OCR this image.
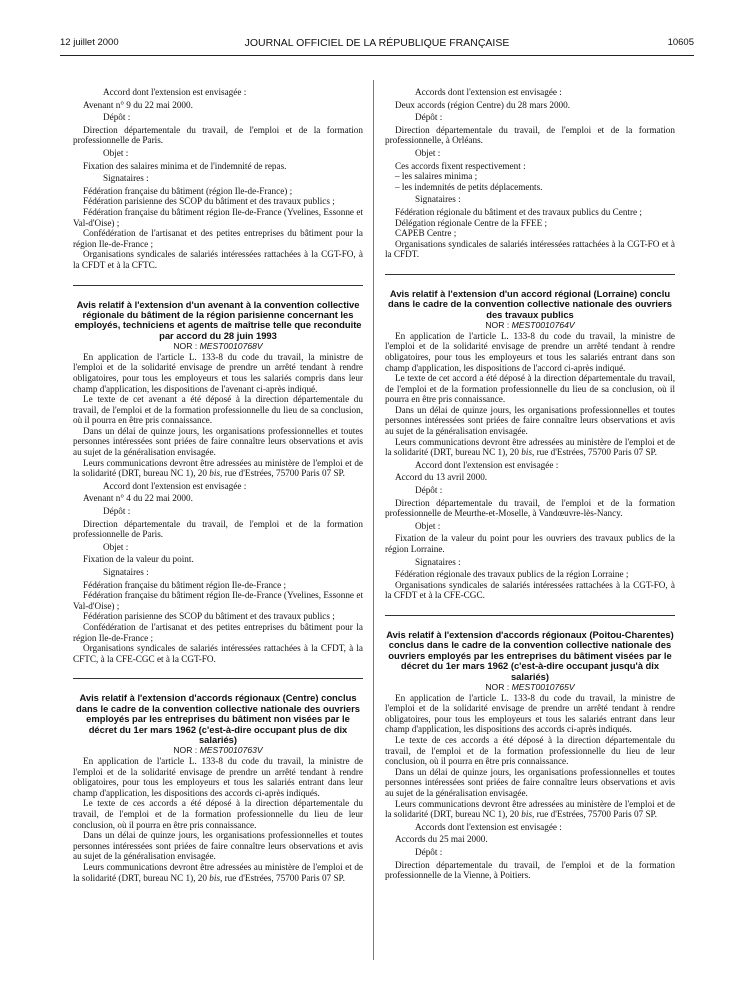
12 juillet 2000	JOURNAL OFFICIEL DE LA RÉPUBLIQUE FRANÇAISE	10605

Accord dont l'extension est envisagée :

Avenant n° 9 du 22 mai 2000.

Dépôt :

Direction départementale du travail, de l'emploi et de la formation professionnelle de Paris.

Objet :

Fixation des salaires minima et de l'indemnité de repas.

Signataires :

Fédération française du bâtiment (région Ile-de-France) ;

Fédération parisienne des SCOP du bâtiment et des travaux publics ;

Fédération française du bâtiment région Ile-de-France (Yvelines, Essonne et Val-d'Oise) ;

Confédération de l'artisanat et des petites entreprises du bâtiment pour la région Ile-de-France ;

Organisations syndicales de salariés intéressées rattachées à la CGT-FO, à la CFDT et à la CFTC.

Avis relatif à l'extension d'un avenant à la convention collective régionale du bâtiment de la région parisienne concernant les employés, techniciens et agents de maîtrise telle que reconduite par accord du 28 juin 1993

NOR : MEST0010768V

En application de l'article L. 133-8 du code du travail, la ministre de l'emploi et de la solidarité envisage de prendre un arrêté tendant à rendre obligatoires, pour tous les employeurs et tous les salariés compris dans leur champ d'application, les dispositions de l'avenant ci-après indiqué.

Le texte de cet avenant a été déposé à la direction départementale du travail, de l'emploi et de la formation professionnelle du lieu de sa conclusion, où il pourra en être pris connaissance.

Dans un délai de quinze jours, les organisations professionnelles et toutes personnes intéressées sont priées de faire connaître leurs observations et avis au sujet de la généralisation envisagée.

Leurs communications devront être adressées au ministère de l'emploi et de la solidarité (DRT, bureau NC 1), 20 bis, rue d'Estrées, 75700 Paris 07 SP.

Accord dont l'extension est envisagée :

Avenant n° 4 du 22 mai 2000.

Dépôt :

Direction départementale du travail, de l'emploi et de la formation professionnelle de Paris.

Objet :

Fixation de la valeur du point.

Signataires :

Fédération française du bâtiment région Ile-de-France ;

Fédération française du bâtiment région Ile-de-France (Yvelines, Essonne et Val-d'Oise) ;

Fédération parisienne des SCOP du bâtiment et des travaux publics ;

Confédération de l'artisanat et des petites entreprises du bâtiment pour la région Ile-de-France ;

Organisations syndicales de salariés intéressées rattachées à la CFDT, à la CFTC, à la CFE-CGC et à la CGT-FO.

Avis relatif à l'extension d'accords régionaux (Centre) conclus dans le cadre de la convention collective nationale des ouvriers employés par les entreprises du bâtiment non visées par le décret du 1er mars 1962 (c'est-à-dire occupant plus de dix salariés)

NOR : MEST0010763V

En application de l'article L. 133-8 du code du travail, la ministre de l'emploi et de la solidarité envisage de prendre un arrêté tendant à rendre obligatoires, pour tous les employeurs et tous les salariés entrant dans leur champ d'application, les dispositions des accords ci-après indiqués.

Le texte de ces accords a été déposé à la direction départementale du travail, de l'emploi et de la formation professionnelle du lieu de leur conclusion, où il pourra en être pris connaissance.

Dans un délai de quinze jours, les organisations professionnelles et toutes personnes intéressées sont priées de faire connaître leurs observations et avis au sujet de la généralisation envisagée.

Leurs communications devront être adressées au ministère de l'emploi et de la solidarité (DRT, bureau NC 1), 20 bis, rue d'Estrées, 75700 Paris 07 SP.

Accords dont l'extension est envisagée :

Deux accords (région Centre) du 28 mars 2000.

Dépôt :

Direction départementale du travail, de l'emploi et de la formation professionnelle, à Orléans.

Objet :

Ces accords fixent respectivement :

– les salaires minima ;

– les indemnités de petits déplacements.

Signataires :

Fédération régionale du bâtiment et des travaux publics du Centre ;

Délégation régionale Centre de la FFEE ;

CAPEB Centre ;

Organisations syndicales de salariés intéressées rattachées à la CGT-FO et à la CFDT.

Avis relatif à l'extension d'un accord régional (Lorraine) conclu dans le cadre de la convention collective nationale des ouvriers des travaux publics

NOR : MEST0010764V

En application de l'article L. 133-8 du code du travail, la ministre de l'emploi et de la solidarité envisage de prendre un arrêté tendant à rendre obligatoires, pour tous les employeurs et tous les salariés entrant dans son champ d'application, les dispositions de l'accord ci-après indiqué.

Le texte de cet accord a été déposé à la direction départementale du travail, de l'emploi et de la formation professionnelle du lieu de sa conclusion, où il pourra en être pris connaissance.

Dans un délai de quinze jours, les organisations professionnelles et toutes personnes intéressées sont priées de faire connaître leurs observations et avis au sujet de la généralisation envisagée.

Leurs communications devront être adressées au ministère de l'emploi et de la solidarité (DRT, bureau NC 1), 20 bis, rue d'Estrées, 75700 Paris 07 SP.

Accord dont l'extension est envisagée :

Accord du 13 avril 2000.

Dépôt :

Direction départementale du travail, de l'emploi et de la formation professionnelle de Meurthe-et-Moselle, à Vandœuvre-lès-Nancy.

Objet :

Fixation de la valeur du point pour les ouvriers des travaux publics de la région Lorraine.

Signataires :

Fédération régionale des travaux publics de la région Lorraine ;

Organisations syndicales de salariés intéressées rattachées à la CGT-FO, à la CFDT et à la CFE-CGC.

Avis relatif à l'extension d'accords régionaux (Poitou-Charentes) conclus dans le cadre de la convention collective nationale des ouvriers employés par les entreprises du bâtiment visées par le décret du 1er mars 1962 (c'est-à-dire occupant jusqu'à dix salariés)

NOR : MEST0010765V

En application de l'article L. 133-8 du code du travail, la ministre de l'emploi et de la solidarité envisage de prendre un arrêté tendant à rendre obligatoires, pour tous les employeurs et tous les salariés entrant dans leur champ d'application, les dispositions des accords ci-après indiqués.

Le texte de ces accords a été déposé à la direction départementale du travail, de l'emploi et de la formation professionnelle du lieu de leur conclusion, où il pourra en être pris connaissance.

Dans un délai de quinze jours, les organisations professionnelles et toutes personnes intéressées sont priées de faire connaître leurs observations et avis au sujet de la généralisation envisagée.

Leurs communications devront être adressées au ministère de l'emploi et de la solidarité (DRT, bureau NC 1), 20 bis, rue d'Estrées, 75700 Paris 07 SP.

Accords dont l'extension est envisagée :

Accords du 25 mai 2000.

Dépôt :

Direction départementale du travail, de l'emploi et de la formation professionnelle de la Vienne, à Poitiers.
